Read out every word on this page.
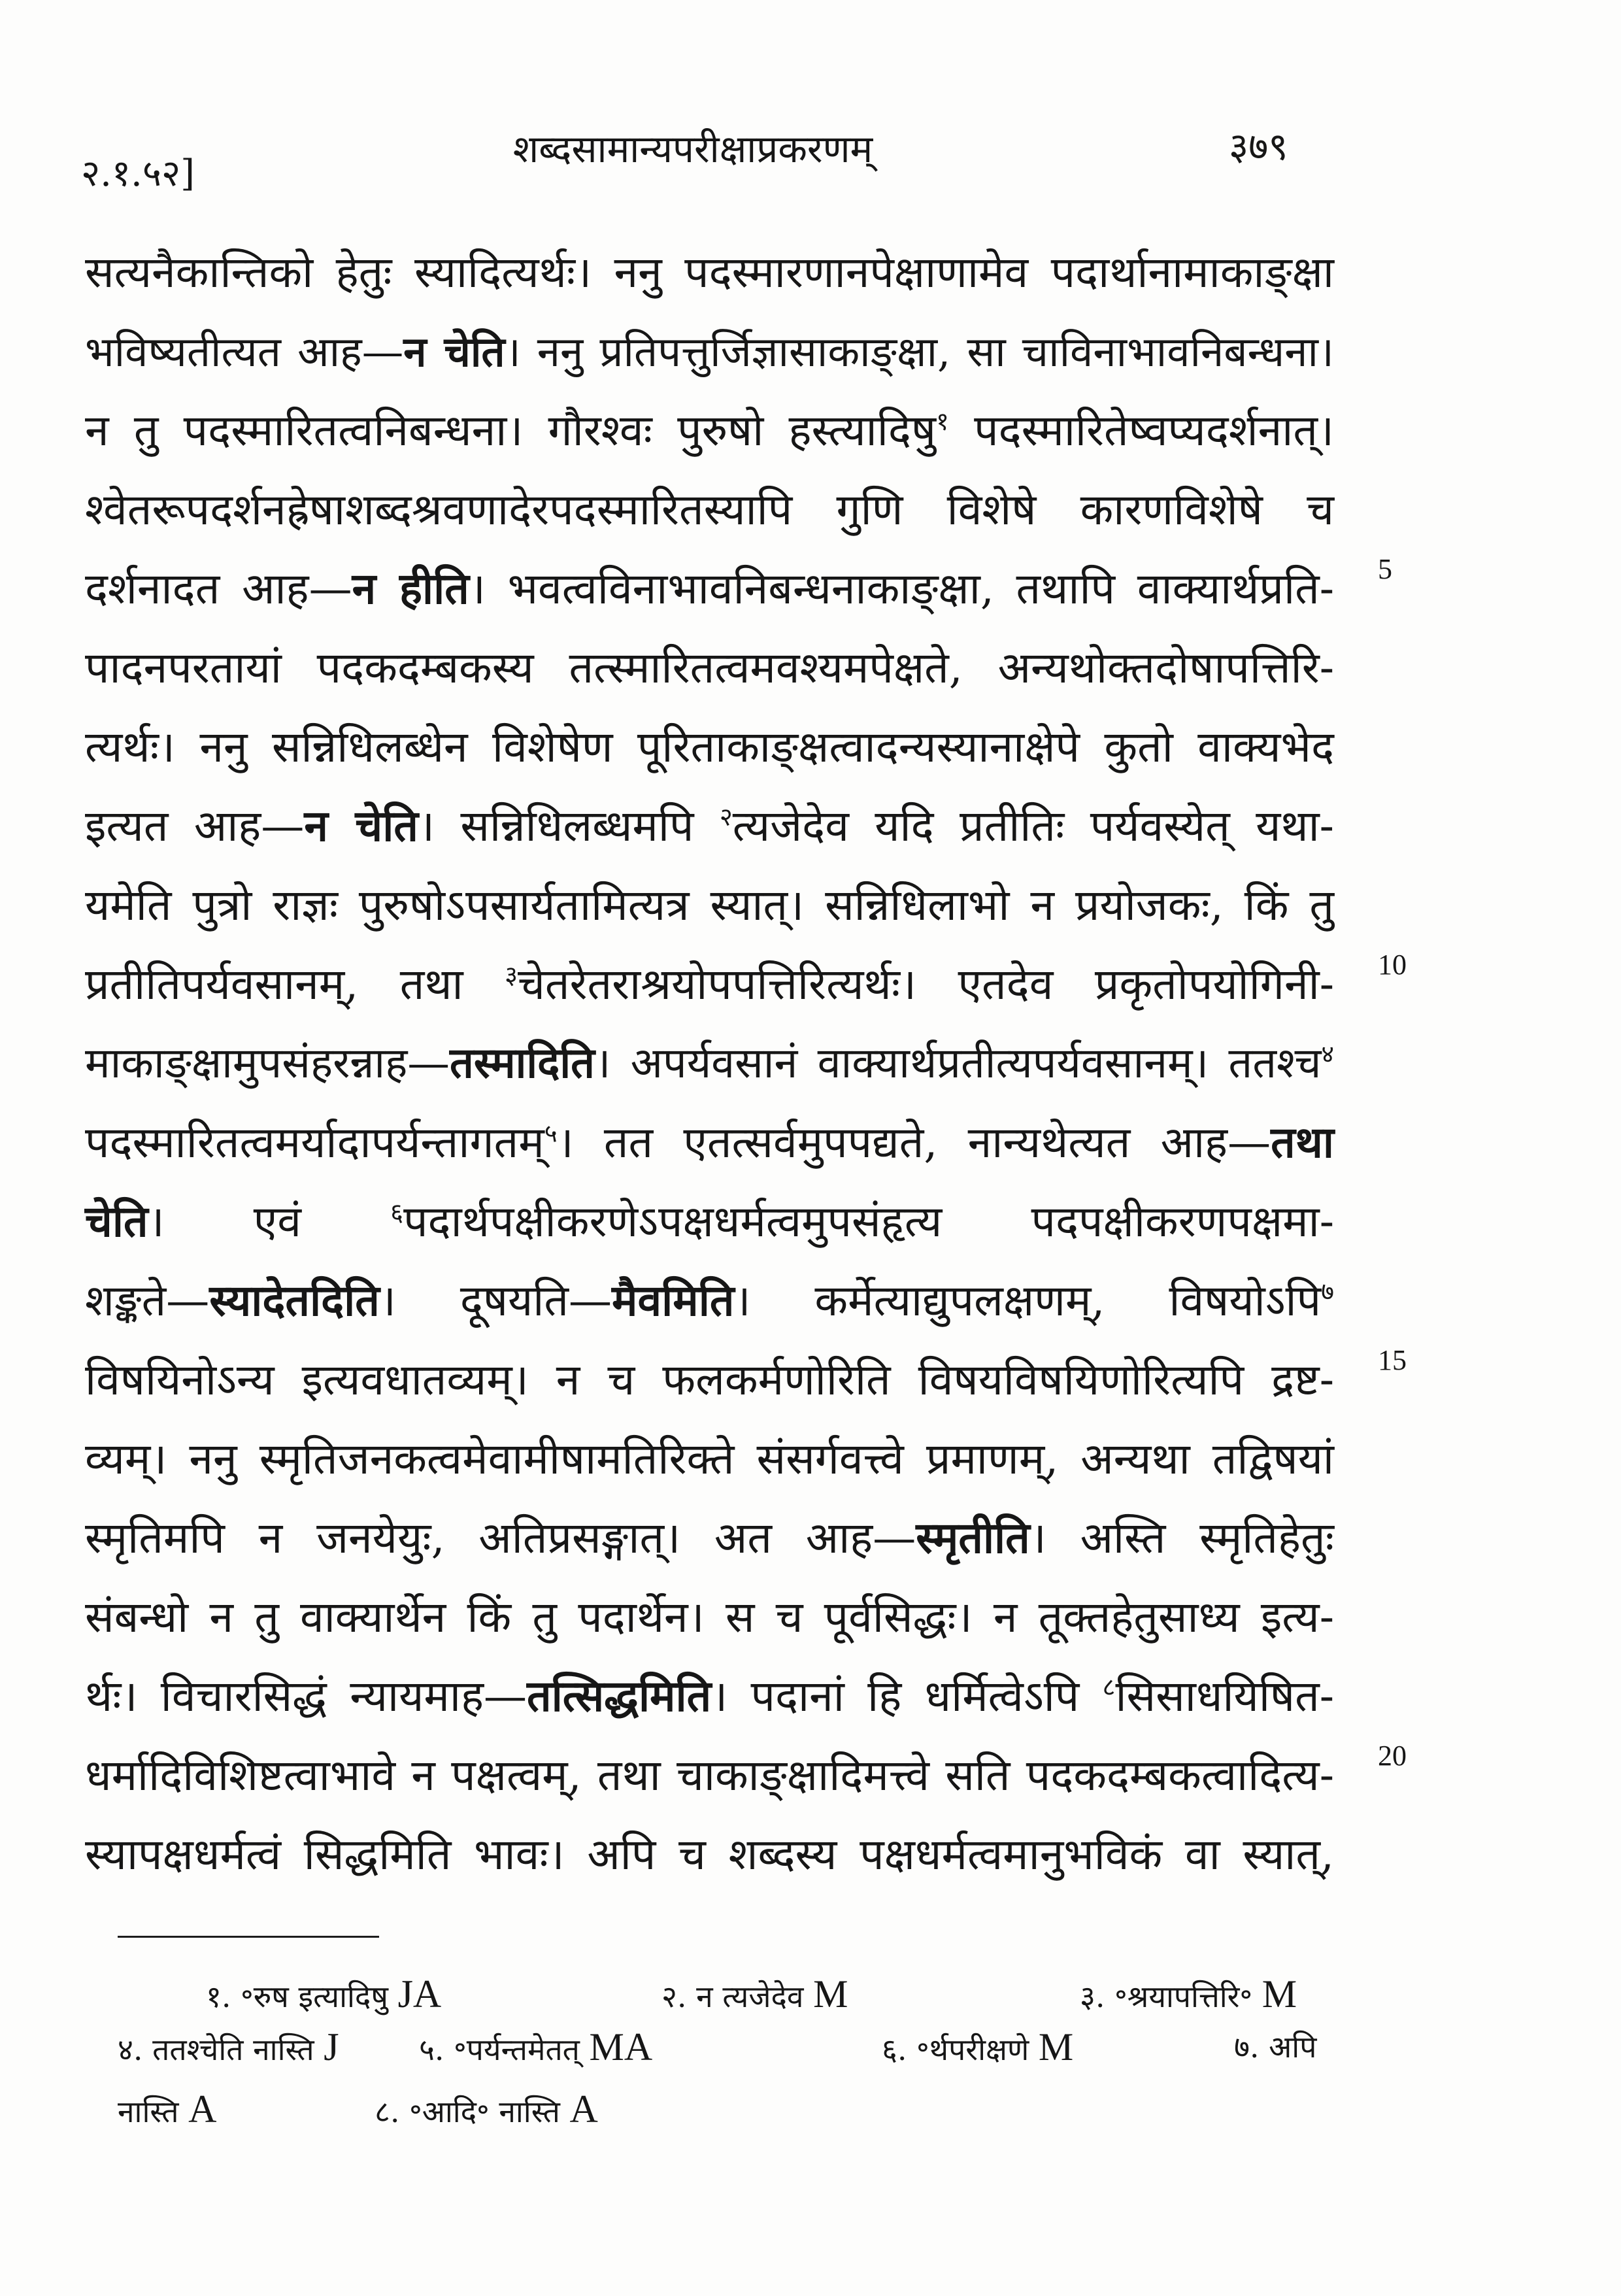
२.१.५२]
शब्दसामान्यपरीक्षाप्रकरणम्	३७९
सत्यनैकान्तिको हेतुः स्यादित्यर्थः। ननु पदस्मारणानपेक्षाणामेव पदार्थानामाकाङ्क्षा
भविष्यतीत्यत आह—न चेति। ननु प्रतिपत्तुर्जिज्ञासाकाङ्क्षा, सा चाविनाभावनिबन्धना।
न तु पदस्मारितत्वनिबन्धना। गौरश्वः पुरुषो हस्त्यादिषु$^१$ पदस्मारितेष्वप्यदर्शनात्।
श्वेतरूपदर्शनह्रेषाशब्दश्रवणादेरपदस्मारितस्यापि गुणि विशेषे कारणविशेषे च
दर्शनादत आह—न हीति। भवत्वविनाभावनिबन्धनाकाङ्क्षा, तथापि वाक्यार्थप्रति-
पादनपरतायां पदकदम्बकस्य तत्स्मारितत्वमवश्यमपेक्षते, अन्यथोक्तदोषापत्तिरि-
त्यर्थः। ननु सन्निधिलब्धेन विशेषेण पूरिताकाङ्क्षत्वादन्यस्यानाक्षेपे कुतो वाक्यभेद
इत्यत आह—न चेति। सन्निधिलब्धमपि $^२$त्यजेदेव यदि प्रतीतिः पर्यवस्येत् यथा-
यमेति पुत्रो राज्ञः पुरुषोऽपसार्यतामित्यत्र स्यात्। सन्निधिलाभो न प्रयोजकः, किं तु
प्रतीतिपर्यवसानम्, तथा $^३$चेतरेतराश्रयोपपत्तिरित्यर्थः। एतदेव प्रकृतोपयोगिनी-
माकाङ्क्षामुपसंहरन्नाह—तस्मादिति। अपर्यवसानं वाक्यार्थप्रतीत्यपर्यवसानम्। ततश्च$^४$
पदस्मारितत्वमर्यादापर्यन्तागतम्$^५$। तत एतत्सर्वमुपपद्यते, नान्यथेत्यत आह—तथा
चेति। एवं $^६$पदार्थपक्षीकरणेऽपक्षधर्मत्वमुपसंहृत्य पदपक्षीकरणपक्षमा-
शङ्कते—स्यादेतदिति। दूषयति—मैवमिति। कर्मेत्याद्युपलक्षणम्, विषयोऽपि$^७$
विषयिनोऽन्य इत्यवधातव्यम्। न च फलकर्मणोरिति विषयविषयिणोरित्यपि द्रष्ट-
व्यम्। ननु स्मृतिजनकत्वमेवामीषामतिरिक्ते संसर्गवत्त्वे प्रमाणम्, अन्यथा तद्विषयां
स्मृतिमपि न जनयेयुः, अतिप्रसङ्गात्। अत आह—स्मृतीति। अस्ति स्मृतिहेतुः
संबन्धो न तु वाक्यार्थेन किं तु पदार्थेन। स च पूर्वसिद्धः। न तूक्तहेतुसाध्य इत्य-
र्थः। विचारसिद्धं न्यायमाह—तत्सिद्धमिति। पदानां हि धर्मित्वेऽपि $^८$सिसाधयिषित-
धर्मादिविशिष्टत्वाभावे न पक्षत्वम्, तथा चाकाङ्क्षादिमत्त्वे सति पदकदम्बकत्वादित्य-
स्यापक्षधर्मत्वं सिद्धमिति भावः। अपि च शब्दस्य पक्षधर्मत्वमानुभविकं वा स्यात्,
5
10
15
20
१. ॰रुष इत्यादिषु JA	२. न त्यजेदेव M	३. ॰श्रयापत्तिरि॰ M
४. ततश्चेति नास्ति J	५. ॰पर्यन्तमेतत् MA	६. ॰र्थपरीक्षणे M	७. अपि
नास्ति A	८. ॰आदि॰ नास्ति A
